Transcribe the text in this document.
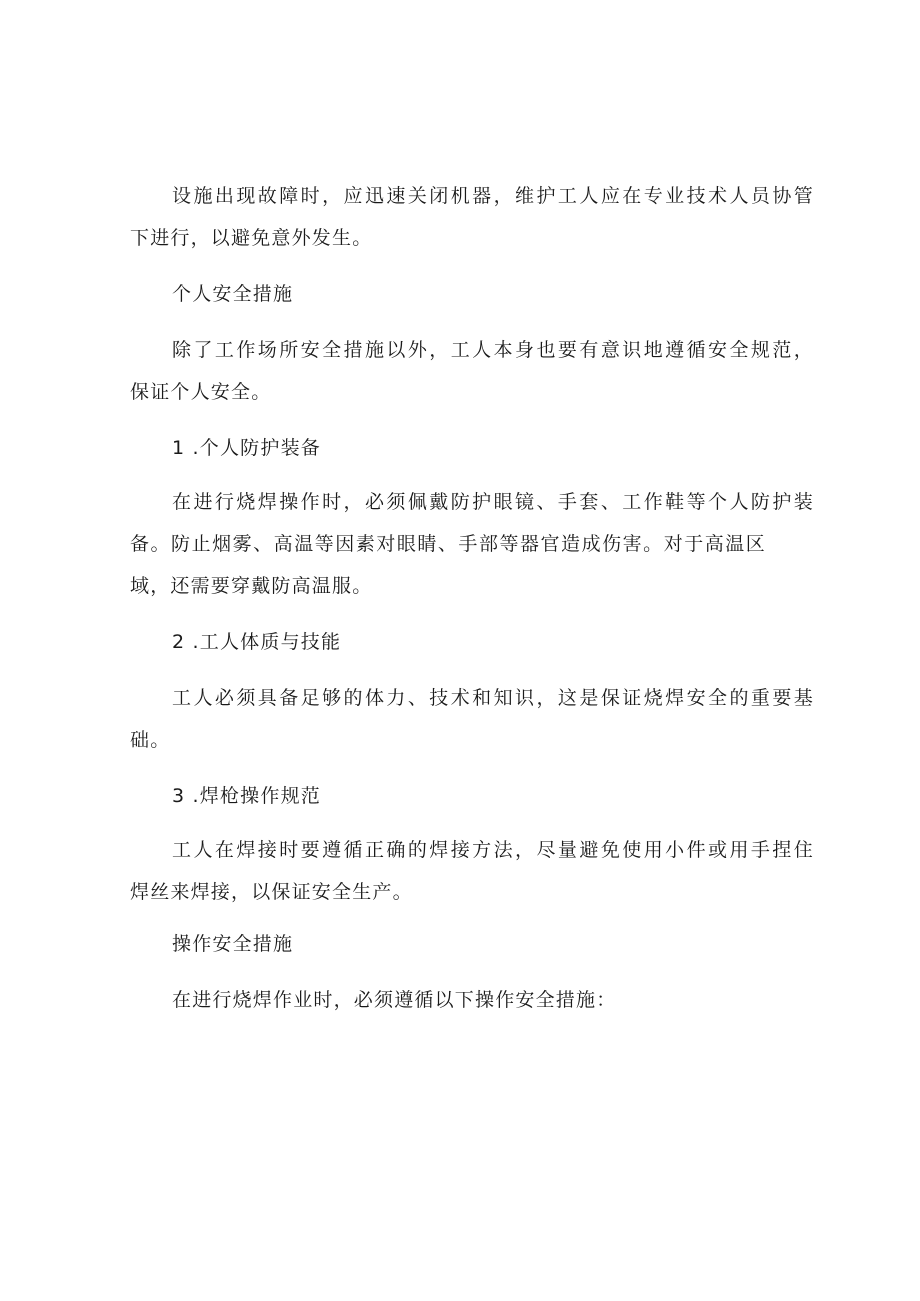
设施出现故障时，应迅速关闭机器，维护工人应在专业技术人员协管

下进行，以避免意外发生。

个人安全措施

除了工作场所安全措施以外，工人本身也要有意识地遵循安全规范，

保证个人安全。

1 .个人防护装备

在进行烧焊操作时，必须佩戴防护眼镜、手套、工作鞋等个人防护装

备。防止烟雾、高温等因素对眼睛、手部等器官造成伤害。对于高温区

域，还需要穿戴防高温服。

2 .工人体质与技能

工人必须具备足够的体力、技术和知识，这是保证烧焊安全的重要基

础。

3 .焊枪操作规范

工人在焊接时要遵循正确的焊接方法，尽量避免使用小件或用手捏住

焊丝来焊接，以保证安全生产。

操作安全措施

在进行烧焊作业时，必须遵循以下操作安全措施：
